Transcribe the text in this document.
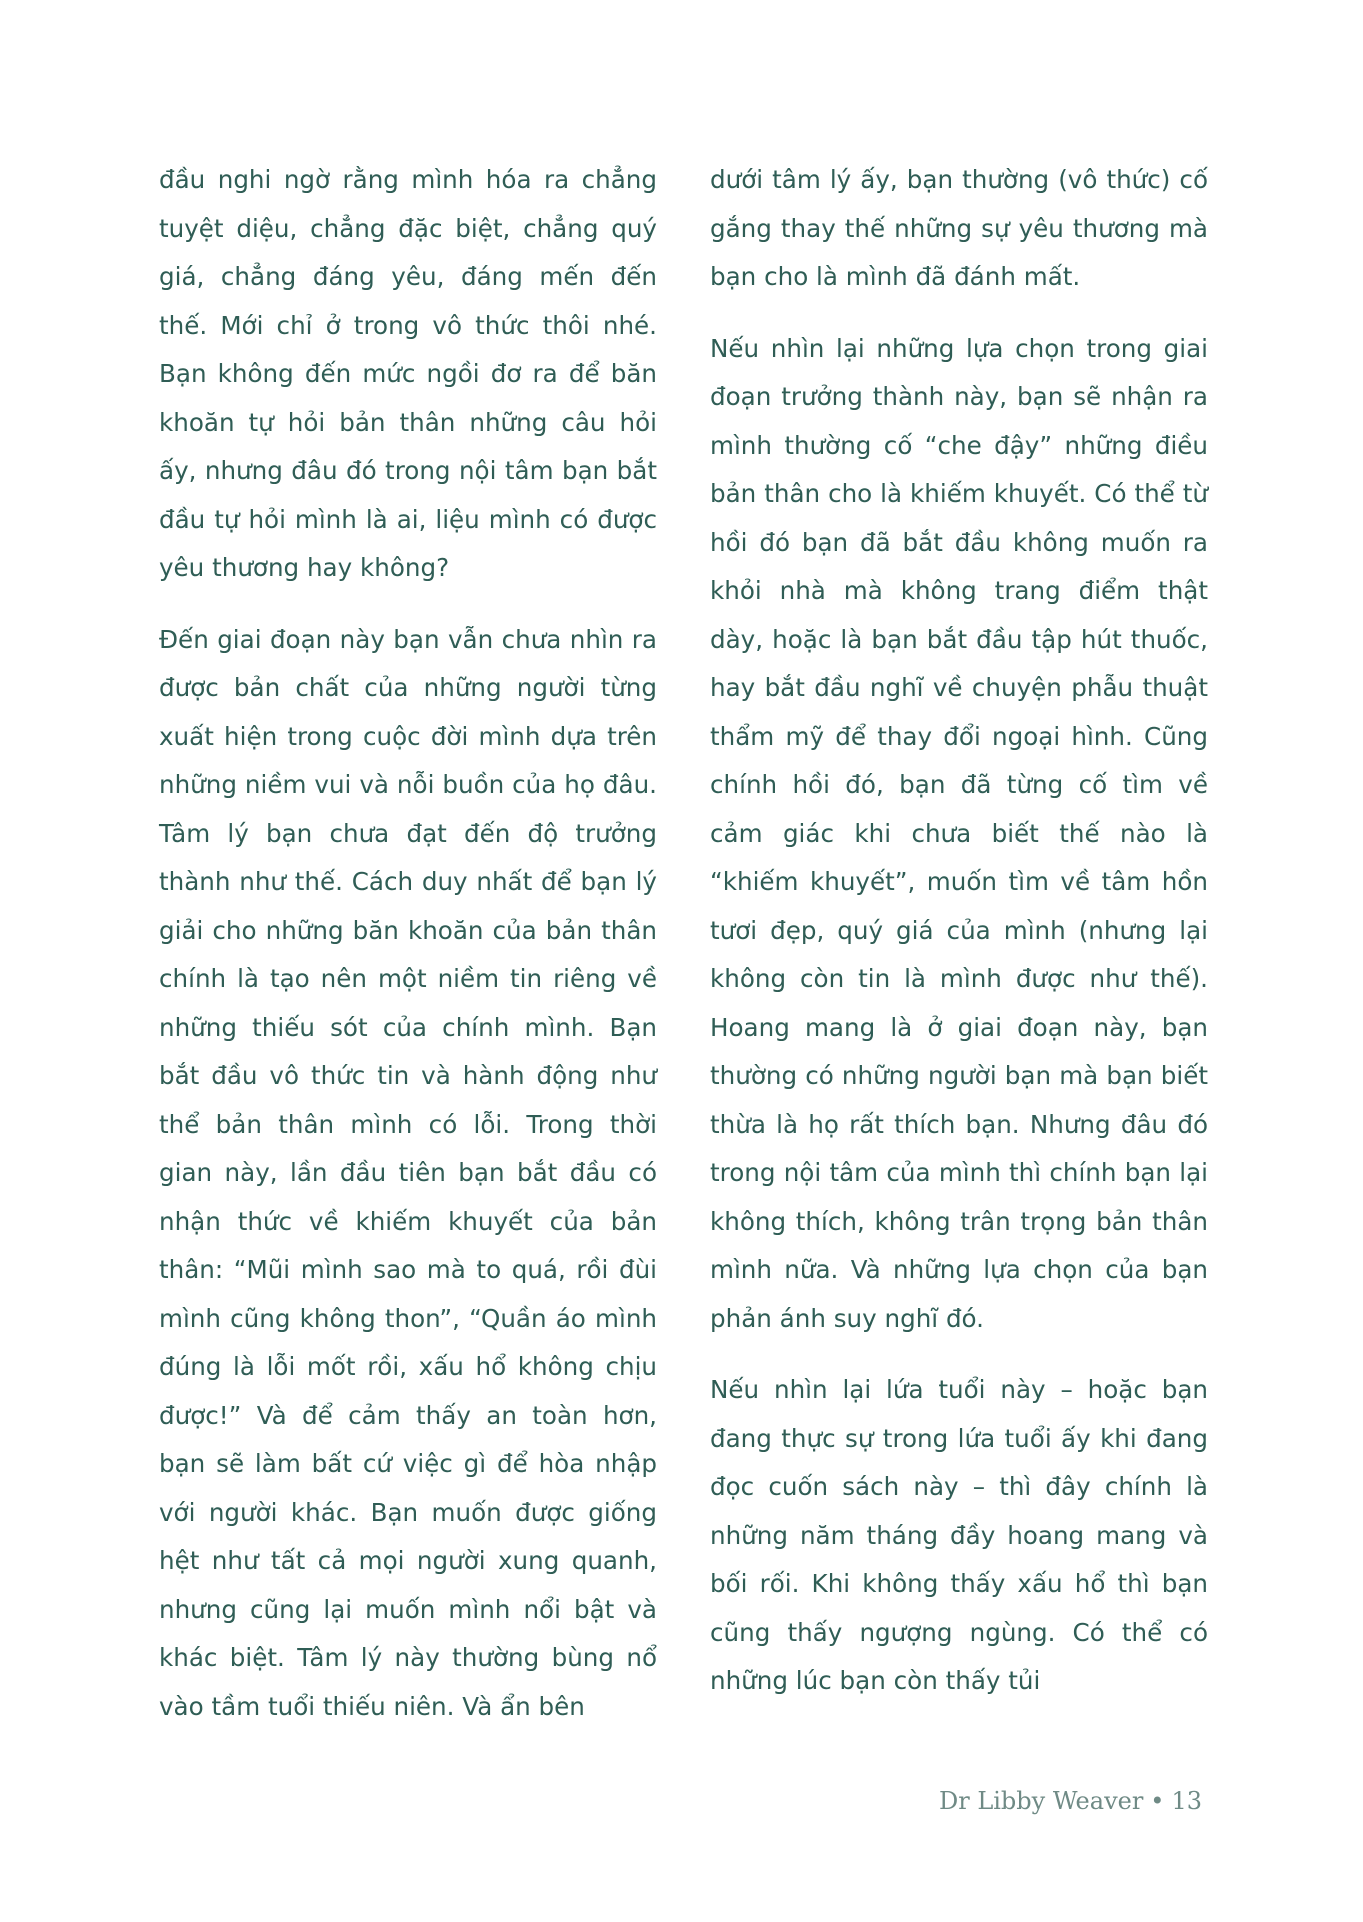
đầu nghi ngờ rằng mình hóa ra chẳng tuyệt diệu, chẳng đặc biệt, chẳng quý giá, chẳng đáng yêu, đáng mến đến thế. Mới chỉ ở trong vô thức thôi nhé. Bạn không đến mức ngồi đơ ra để băn khoăn tự hỏi bản thân những câu hỏi ấy, nhưng đâu đó trong nội tâm bạn bắt đầu tự hỏi mình là ai, liệu mình có được yêu thương hay không?

Đến giai đoạn này bạn vẫn chưa nhìn ra được bản chất của những người từng xuất hiện trong cuộc đời mình dựa trên những niềm vui và nỗi buồn của họ đâu. Tâm lý bạn chưa đạt đến độ trưởng thành như thế. Cách duy nhất để bạn lý giải cho những băn khoăn của bản thân chính là tạo nên một niềm tin riêng về những thiếu sót của chính mình. Bạn bắt đầu vô thức tin và hành động như thể bản thân mình có lỗi. Trong thời gian này, lần đầu tiên bạn bắt đầu có nhận thức về khiếm khuyết của bản thân: “Mũi mình sao mà to quá, rồi đùi mình cũng không thon”, “Quần áo mình đúng là lỗi mốt rồi, xấu hổ không chịu được!” Và để cảm thấy an toàn hơn, bạn sẽ làm bất cứ việc gì để hòa nhập với người khác. Bạn muốn được giống hệt như tất cả mọi người xung quanh, nhưng cũng lại muốn mình nổi bật và khác biệt. Tâm lý này thường bùng nổ vào tầm tuổi thiếu niên. Và ẩn bên

dưới tâm lý ấy, bạn thường (vô thức) cố gắng thay thế những sự yêu thương mà bạn cho là mình đã đánh mất.

Nếu nhìn lại những lựa chọn trong giai đoạn trưởng thành này, bạn sẽ nhận ra mình thường cố “che đậy” những điều bản thân cho là khiếm khuyết. Có thể từ hồi đó bạn đã bắt đầu không muốn ra khỏi nhà mà không trang điểm thật dày, hoặc là bạn bắt đầu tập hút thuốc, hay bắt đầu nghĩ về chuyện phẫu thuật thẩm mỹ để thay đổi ngoại hình. Cũng chính hồi đó, bạn đã từng cố tìm về cảm giác khi chưa biết thế nào là “khiếm khuyết”, muốn tìm về tâm hồn tươi đẹp, quý giá của mình (nhưng lại không còn tin là mình được như thế). Hoang mang là ở giai đoạn này, bạn thường có những người bạn mà bạn biết thừa là họ rất thích bạn. Nhưng đâu đó trong nội tâm của mình thì chính bạn lại không thích, không trân trọng bản thân mình nữa. Và những lựa chọn của bạn phản ánh suy nghĩ đó.

Nếu nhìn lại lứa tuổi này – hoặc bạn đang thực sự trong lứa tuổi ấy khi đang đọc cuốn sách này – thì đây chính là những năm tháng đầy hoang mang và bối rối. Khi không thấy xấu hổ thì bạn cũng thấy ngượng ngùng. Có thể có những lúc bạn còn thấy tủi

Dr Libby Weaver • 13
